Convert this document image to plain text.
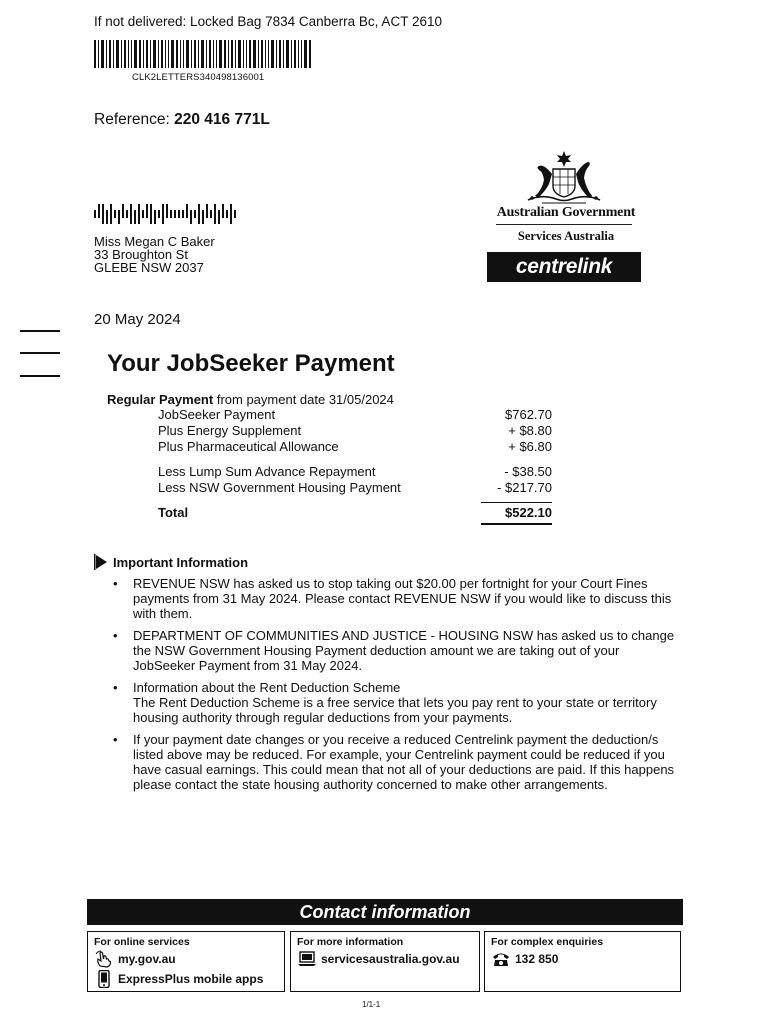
If not delivered: Locked Bag 7834 Canberra Bc, ACT 2610
CLK2LETTERS340498136001
Reference: 220 416 771L
Miss Megan C Baker
33 Broughton St
GLEBE NSW 2037
Australian Government
Services Australia
centrelink
20 May 2024
Your JobSeeker Payment
Regular Payment from payment date 31/05/2024
JobSeeker Payment	$762.70
Plus Energy Supplement	+ $8.80
Plus Pharmaceutical Allowance	+ $6.80
Less Lump Sum Advance Repayment	- $38.50
Less NSW Government Housing Payment	- $217.70
Total	$522.10
Important Information
• REVENUE NSW has asked us to stop taking out $20.00 per fortnight for your Court Fines payments from 31 May 2024. Please contact REVENUE NSW if you would like to discuss this with them.
• DEPARTMENT OF COMMUNITIES AND JUSTICE - HOUSING NSW has asked us to change the NSW Government Housing Payment deduction amount we are taking out of your JobSeeker Payment from 31 May 2024.
• Information about the Rent Deduction Scheme
The Rent Deduction Scheme is a free service that lets you pay rent to your state or territory housing authority through regular deductions from your payments.
• If your payment date changes or you receive a reduced Centrelink payment the deduction/s listed above may be reduced. For example, your Centrelink payment could be reduced if you have casual earnings. This could mean that not all of your deductions are paid. If this happens please contact the state housing authority concerned to make other arrangements.
Contact information
For online services
my.gov.au
ExpressPlus mobile apps
For more information
servicesaustralia.gov.au
For complex enquiries
132 850
1/1-1
